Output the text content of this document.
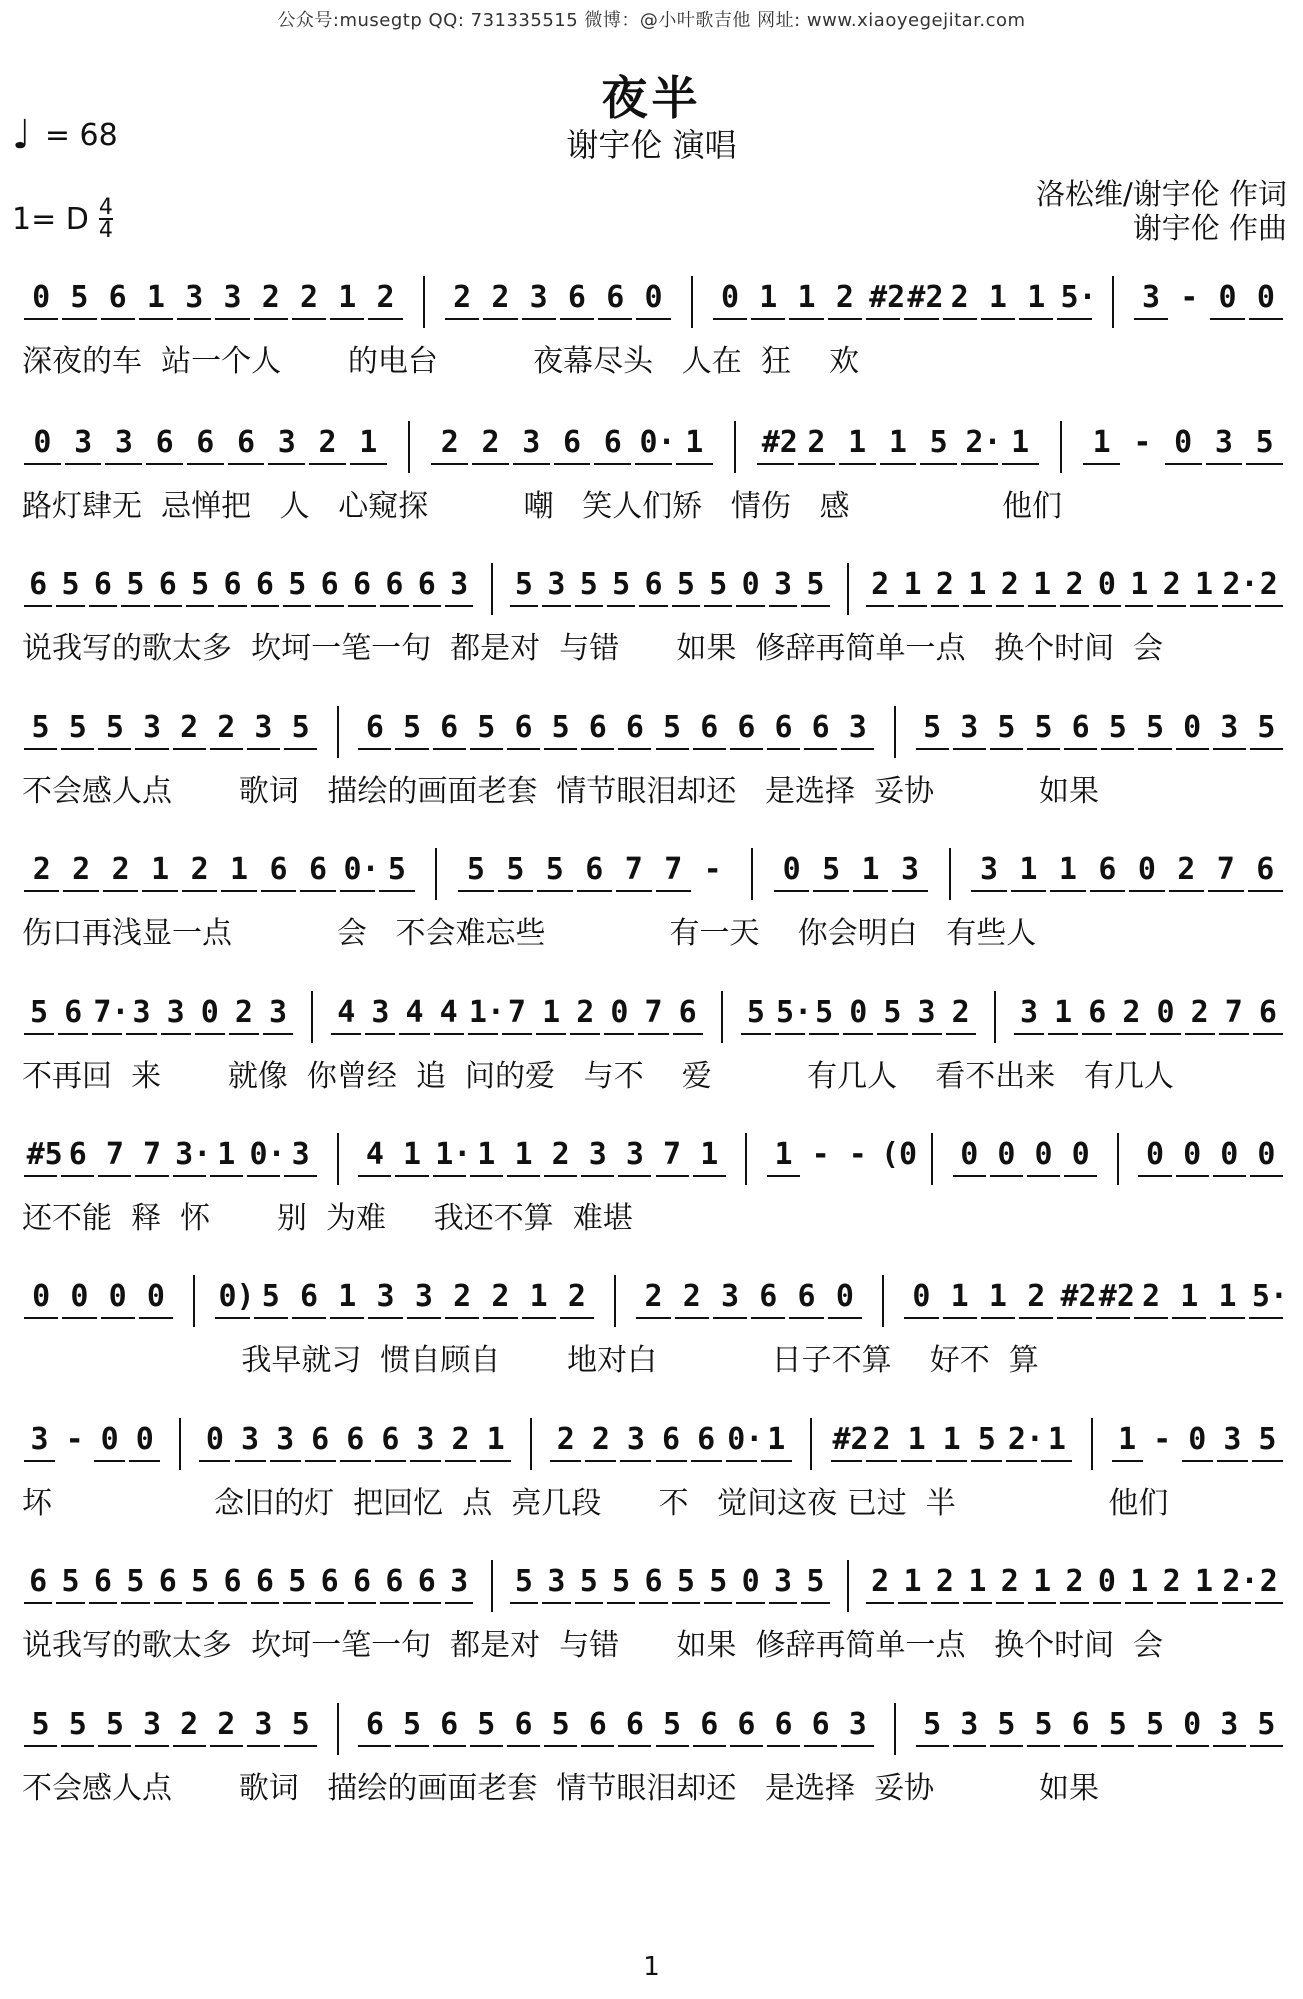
公众号:musegtp QQ: 731335515 微博：@小叶歌吉他 网址: www.xiaoyegejitar.com
夜半
谢宇伦 演唱
♩ = 68
1= D $\frac{4}{4}$
洛松维/谢宇伦 作词
谢宇伦 作曲
0 5 6 1 3 3 2 2 1 2 2 2 3 6 6 0 0 1 1 2 #2 #2 2 1 1 5· 3 - 0 0
深夜的车  站一个人       的电台          夜幕尽头   人在  狂    欢
0 3 3 6 6 6 3 2 1 2 2 3 6 6 0· 1 #2 2 1 1 5 2· 1 1 - 0 3 5
路灯肆无  忌惮把   人   心窥探          嘲   笑人们矫   情伤   感                他们
6 5 6 5 6 5 6 6 5 6 6 6 6 3 5 3 5 5 6 5 5 0 3 5 2 1 2 1 2 1 2 0 1 2 1 2· 2
说我写的歌太多  坎坷一笔一句  都是对  与错      如果  修辞再简单一点   换个时间  会
5 5 5 3 2 2 3 5 6 5 6 5 6 5 6 6 5 6 6 6 6 3 5 3 5 5 6 5 5 0 3 5
不会感人点       歌词   描绘的画面老套  情节眼泪却还   是选择  妥协           如果
2 2 2 1 2 1 6 6 0· 5 5 5 5 6 7 7 - 0 5 1 3 3 1 1 6 0 2 7 6
伤口再浅显一点           会   不会难忘些             有一天    你会明白   有些人
5 6 7· 3 3 0 2 3 4 3 4 4 1· 7 1 2 0 7 6 5 5· 5 0 5 3 2 3 1 6 2 0 2 7 6
不再回  来       就像  你曾经  追  问的爱   与不    爱          有几人    看不出来   有几人
#5 6 7 7 3· 1 0· 3 4 1 1· 1 1 2 3 3 7 1 1 - - (0 0 0 0 0 0 0 0 0
还不能  释  怀       别  为难     我还不算  难堪
0 0 0 0 0) 5 6 1 3 3 2 2 1 2 2 2 3 6 6 0 0 1 1 2 #2 #2 2 1 1 5·
我早就习  惯自顾自       地对白            日子不算    好不  算
3 - 0 0 0 3 3 6 6 6 3 2 1 2 2 3 6 6 0· 1 #2 2 1 1 5 2· 1 1 - 0 3 5
坏                 念旧的灯  把回忆  点  亮几段      不   觉间这夜 已过  半                他们
6 5 6 5 6 5 6 6 5 6 6 6 6 3 5 3 5 5 6 5 5 0 3 5 2 1 2 1 2 1 2 0 1 2 1 2· 2
说我写的歌太多  坎坷一笔一句  都是对  与错      如果  修辞再简单一点   换个时间  会
5 5 5 3 2 2 3 5 6 5 6 5 6 5 6 6 5 6 6 6 6 3 5 3 5 5 6 5 5 0 3 5
不会感人点       歌词   描绘的画面老套  情节眼泪却还   是选择  妥协           如果
1
